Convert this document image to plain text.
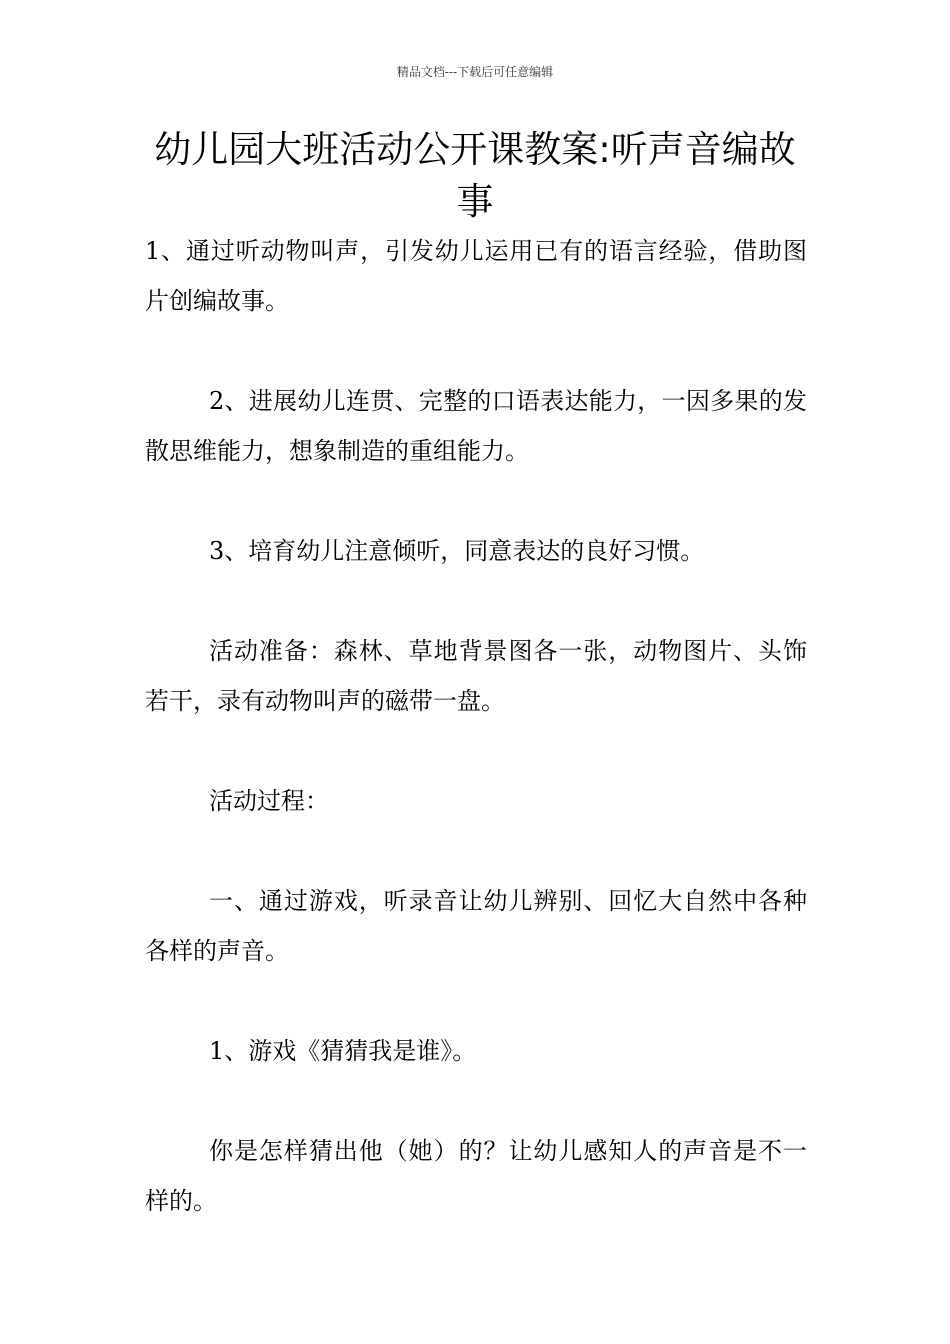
精品文档---下载后可任意编辑
幼儿园大班活动公开课教案:听声音编故事

1、通过听动物叫声，引发幼儿运用已有的语言经验，借助图片创编故事。

2、进展幼儿连贯、完整的口语表达能力，一因多果的发散思维能力，想象制造的重组能力。

3、培育幼儿注意倾听，同意表达的良好习惯。

活动准备：森林、草地背景图各一张，动物图片、头饰若干，录有动物叫声的磁带一盘。

活动过程：

一、通过游戏，听录音让幼儿辨别、回忆大自然中各种各样的声音。

1、游戏《猜猜我是谁》。

你是怎样猜出他（她）的？让幼儿感知人的声音是不一样的。
